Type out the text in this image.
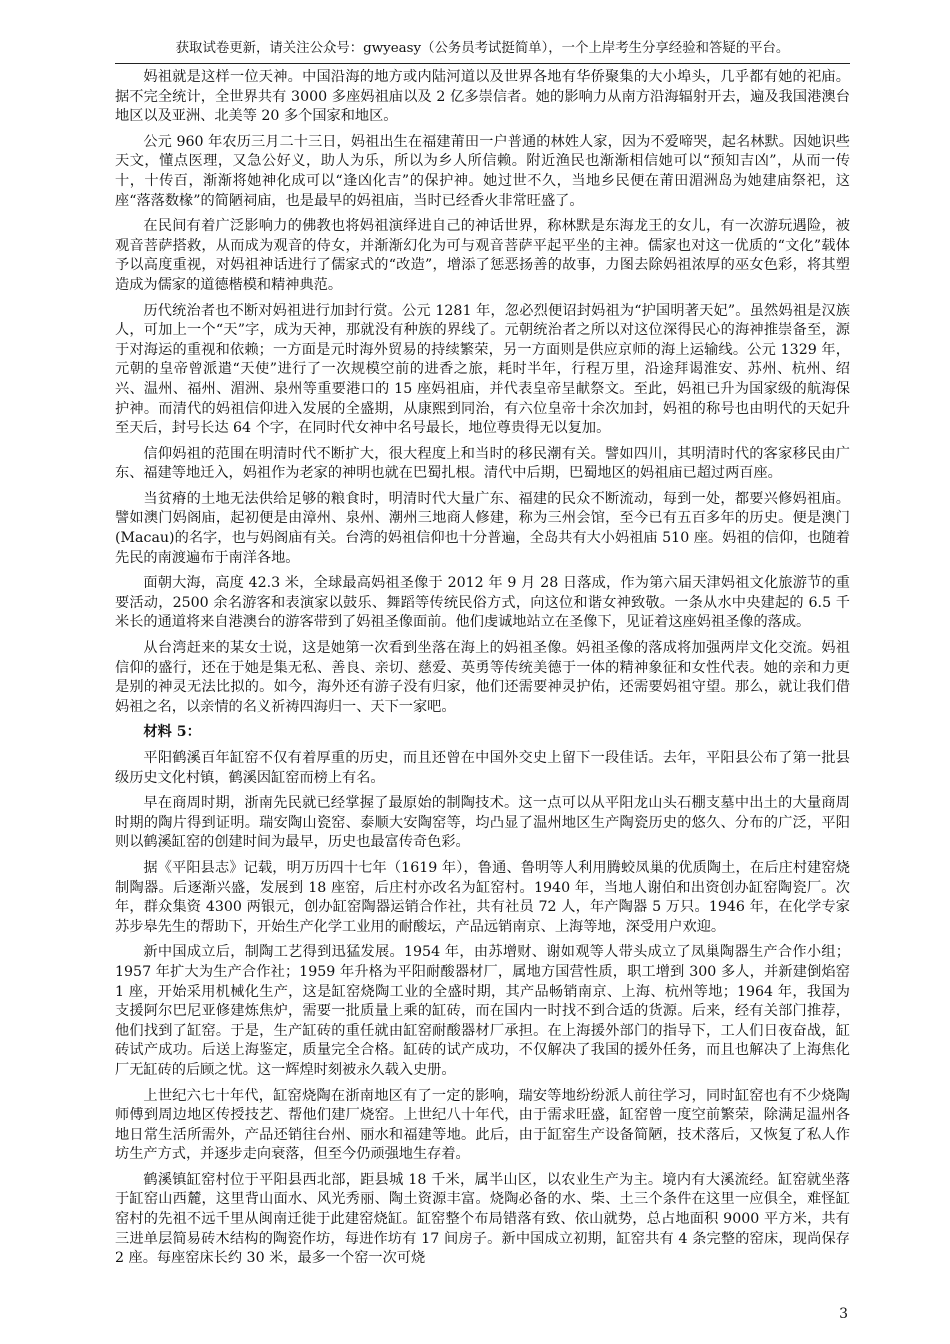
获取试卷更新，请关注公众号：gwyeasy（公务员考试挺简单），一个上岸考生分享经验和答疑的平台。

妈祖就是这样一位天神。中国沿海的地方或内陆河道以及世界各地有华侨聚集的大小埠头，几乎都有她的祀庙。据不完全统计，全世界共有 3000 多座妈祖庙以及 2 亿多崇信者。她的影响力从南方沿海辐射开去，遍及我国港澳台地区以及亚洲、北美等 20 多个国家和地区。

公元 960 年农历三月二十三日，妈祖出生在福建莆田一户普通的林姓人家，因为不爱啼哭，起名林默。因她识些天文，懂点医理，又急公好义，助人为乐，所以为乡人所信赖。附近渔民也渐渐相信她可以“预知吉凶”，从而一传十，十传百，渐渐将她神化成可以“逢凶化吉”的保护神。她过世不久，当地乡民便在莆田湄洲岛为她建庙祭祀，这座“落落数椽”的简陋祠庙，也是最早的妈祖庙，当时已经香火非常旺盛了。

在民间有着广泛影响力的佛教也将妈祖演绎进自己的神话世界，称林默是东海龙王的女儿，有一次游玩遇险，被观音菩萨搭救，从而成为观音的侍女，并渐渐幻化为可与观音菩萨平起平坐的主神。儒家也对这一优质的“文化”载体予以高度重视，对妈祖神话进行了儒家式的“改造”，增添了惩恶扬善的故事，力图去除妈祖浓厚的巫女色彩，将其塑造成为儒家的道德楷模和精神典范。

历代统治者也不断对妈祖进行加封行赏。公元 1281 年，忽必烈便诏封妈祖为“护国明著天妃”。虽然妈祖是汉族人，可加上一个“天”字，成为天神，那就没有种族的界线了。元朝统治者之所以对这位深得民心的海神推崇备至，源于对海运的重视和依赖；一方面是元时海外贸易的持续繁荣，另一方面则是供应京师的海上运输线。公元 1329 年，元朝的皇帝曾派遣“天使”进行了一次规模空前的进香之旅，耗时半年，行程万里，沿途拜谒淮安、苏州、杭州、绍兴、温州、福州、湄洲、泉州等重要港口的 15 座妈祖庙，并代表皇帝呈献祭文。至此，妈祖已升为国家级的航海保护神。而清代的妈祖信仰进入发展的全盛期，从康熙到同治，有六位皇帝十余次加封，妈祖的称号也由明代的天妃升至天后，封号长达 64 个字，在同时代女神中名号最长，地位尊贵得无以复加。

信仰妈祖的范围在明清时代不断扩大，很大程度上和当时的移民潮有关。譬如四川，其明清时代的客家移民由广东、福建等地迁入，妈祖作为老家的神明也就在巴蜀扎根。清代中后期，巴蜀地区的妈祖庙已超过两百座。

当贫瘠的土地无法供给足够的粮食时，明清时代大量广东、福建的民众不断流动，每到一处，都要兴修妈祖庙。譬如澳门妈阁庙，起初便是由漳州、泉州、潮州三地商人修建，称为三州会馆，至今已有五百多年的历史。便是澳门(Macau)的名字，也与妈阁庙有关。台湾的妈祖信仰也十分普遍，全岛共有大小妈祖庙 510 座。妈祖的信仰，也随着先民的南渡遍布于南洋各地。

面朝大海，高度 42.3 米，全球最高妈祖圣像于 2012 年 9 月 28 日落成，作为第六届天津妈祖文化旅游节的重要活动，2500 余名游客和表演家以鼓乐、舞蹈等传统民俗方式，向这位和谐女神致敬。一条从水中央建起的 6.5 千米长的通道将来自港澳台的游客带到了妈祖圣像面前。他们虔诚地站立在圣像下，见证着这座妈祖圣像的落成。

从台湾赶来的某女士说，这是她第一次看到坐落在海上的妈祖圣像。妈祖圣像的落成将加强两岸文化交流。妈祖信仰的盛行，还在于她是集无私、善良、亲切、慈爱、英勇等传统美德于一体的精神象征和女性代表。她的亲和力更是别的神灵无法比拟的。如今，海外还有游子没有归家，他们还需要神灵护佑，还需要妈祖守望。那么，就让我们借妈祖之名，以亲情的名义祈祷四海归一、天下一家吧。

材料 5：

平阳鹤溪百年缸窑不仅有着厚重的历史，而且还曾在中国外交史上留下一段佳话。去年，平阳县公布了第一批县级历史文化村镇，鹤溪因缸窑而榜上有名。

早在商周时期，浙南先民就已经掌握了最原始的制陶技术。这一点可以从平阳龙山头石棚支墓中出土的大量商周时期的陶片得到证明。瑞安陶山瓷窑、泰顺大安陶窑等，均凸显了温州地区生产陶瓷历史的悠久、分布的广泛，平阳则以鹤溪缸窑的创建时间为最早，历史也最富传奇色彩。

据《平阳县志》记载，明万历四十七年（1619 年），鲁通、鲁明等人利用腾蛟凤巢的优质陶土，在后庄村建窑烧制陶器。后逐渐兴盛，发展到 18 座窑，后庄村亦改名为缸窑村。1940 年，当地人谢伯和出资创办缸窑陶瓷厂。次年，群众集资 4300 两银元，创办缸窑陶器运销合作社，共有社员 72 人，年产陶器 5 万只。1946 年，在化学专家苏步皋先生的帮助下，开始生产化学工业用的耐酸坛，产品远销南京、上海等地，深受用户欢迎。

新中国成立后，制陶工艺得到迅猛发展。1954 年，由苏增财、谢如观等人带头成立了凤巢陶器生产合作小组；1957 年扩大为生产合作社；1959 年升格为平阳耐酸器材厂，属地方国营性质，职工增到 300 多人，并新建倒焰窑 1 座，开始采用机械化生产，这是缸窑烧陶工业的全盛时期，其产品畅销南京、上海、杭州等地；1964 年，我国为支援阿尔巴尼亚修建炼焦炉，需要一批质量上乘的缸砖，而在国内一时找不到合适的货源。后来，经有关部门推荐，他们找到了缸窑。于是，生产缸砖的重任就由缸窑耐酸器材厂承担。在上海援外部门的指导下，工人们日夜奋战，缸砖试产成功。后送上海鉴定，质量完全合格。缸砖的试产成功，不仅解决了我国的援外任务，而且也解决了上海焦化厂无缸砖的后顾之忧。这一辉煌时刻被永久载入史册。

上世纪六七十年代，缸窑烧陶在浙南地区有了一定的影响，瑞安等地纷纷派人前往学习，同时缸窑也有不少烧陶师傅到周边地区传授技艺、帮他们建厂烧窑。上世纪八十年代，由于需求旺盛，缸窑曾一度空前繁荣，除满足温州各地日常生活所需外，产品还销往台州、丽水和福建等地。此后，由于缸窑生产设备简陋，技术落后，又恢复了私人作坊生产方式，并逐步走向衰落，但至今仍顽强地生存着。

鹤溪镇缸窑村位于平阳县西北部，距县城 18 千米，属半山区，以农业生产为主。境内有大溪流经。缸窑就坐落于缸窑山西麓，这里背山面水、风光秀丽、陶土资源丰富。烧陶必备的水、柴、土三个条件在这里一应俱全，难怪缸窑村的先祖不远千里从闽南迁徙于此建窑烧缸。缸窑整个布局错落有致、依山就势，总占地面积 9000 平方米，共有三进单层简易砖木结构的陶瓷作坊，每进作坊有 17 间房子。新中国成立初期，缸窑共有 4 条完整的窑床，现尚保存 2 座。每座窑床长约 30 米，最多一个窑一次可烧

3
